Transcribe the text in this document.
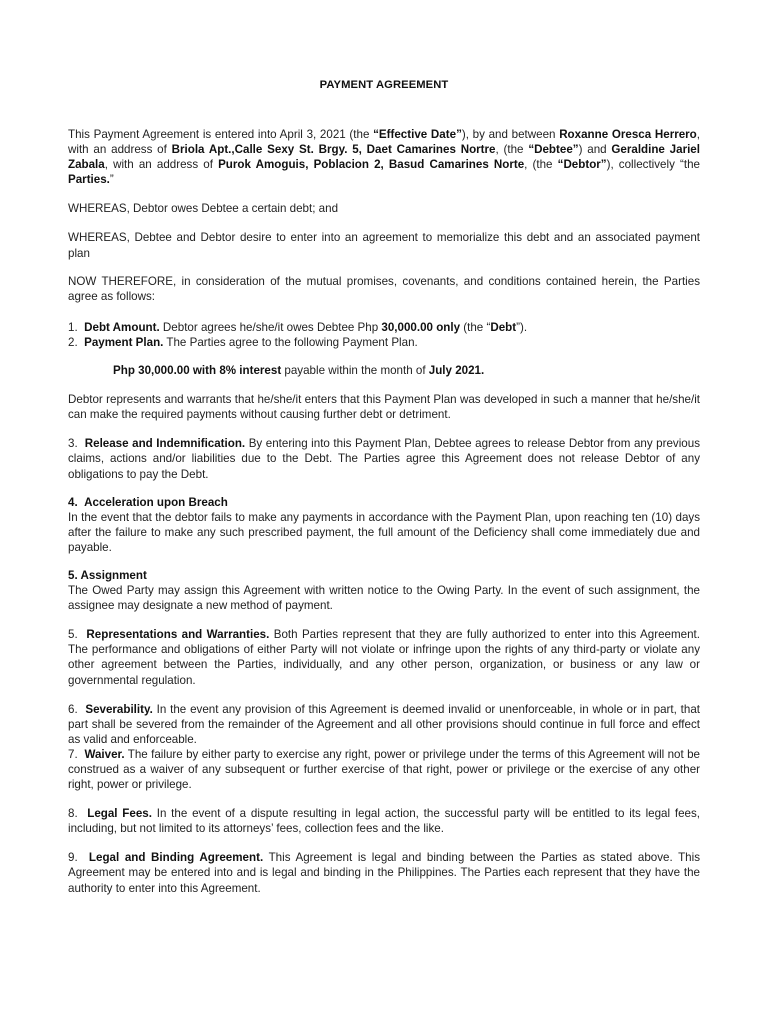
PAYMENT AGREEMENT

This Payment Agreement is entered into April 3, 2021 (the “Effective Date”), by and between Roxanne Oresca Herrero, with an address of Briola Apt.,Calle Sexy St. Brgy. 5, Daet Camarines Nortre, (the “Debtee”) and Geraldine Jariel Zabala, with an address of Purok Amoguis, Poblacion 2, Basud Camarines Norte, (the “Debtor”), collectively “the Parties.”

WHEREAS, Debtor owes Debtee a certain debt; and

WHEREAS, Debtee and Debtor desire to enter into an agreement to memorialize this debt and an associated payment plan

NOW THEREFORE, in consideration of the mutual promises, covenants, and conditions contained herein, the Parties agree as follows:

1. Debt Amount. Debtor agrees he/she/it owes Debtee Php 30,000.00 only (the “Debt”).

2. Payment Plan. The Parties agree to the following Payment Plan.

Php 30,000.00 with 8% interest payable within the month of July 2021.

Debtor represents and warrants that he/she/it enters that this Payment Plan was developed in such a manner that he/she/it can make the required payments without causing further debt or detriment.

3. Release and Indemnification. By entering into this Payment Plan, Debtee agrees to release Debtor from any previous claims, actions and/or liabilities due to the Debt. The Parties agree this Agreement does not release Debtor of any obligations to pay the Debt.

4. Acceleration upon Breach

In the event that the debtor fails to make any payments in accordance with the Payment Plan, upon reaching ten (10) days after the failure to make any such prescribed payment, the full amount of the Deficiency shall come immediately due and payable.

5. Assignment

The Owed Party may assign this Agreement with written notice to the Owing Party. In the event of such assignment, the assignee may designate a new method of payment.

5. Representations and Warranties. Both Parties represent that they are fully authorized to enter into this Agreement. The performance and obligations of either Party will not violate or infringe upon the rights of any third-party or violate any other agreement between the Parties, individually, and any other person, organization, or business or any law or governmental regulation.

6. Severability. In the event any provision of this Agreement is deemed invalid or unenforceable, in whole or in part, that part shall be severed from the remainder of the Agreement and all other provisions should continue in full force and effect as valid and enforceable.

7. Waiver. The failure by either party to exercise any right, power or privilege under the terms of this Agreement will not be construed as a waiver of any subsequent or further exercise of that right, power or privilege or the exercise of any other right, power or privilege.

8. Legal Fees. In the event of a dispute resulting in legal action, the successful party will be entitled to its legal fees, including, but not limited to its attorneys’ fees, collection fees and the like.

9. Legal and Binding Agreement. This Agreement is legal and binding between the Parties as stated above. This Agreement may be entered into and is legal and binding in the Philippines. The Parties each represent that they have the authority to enter into this Agreement.
